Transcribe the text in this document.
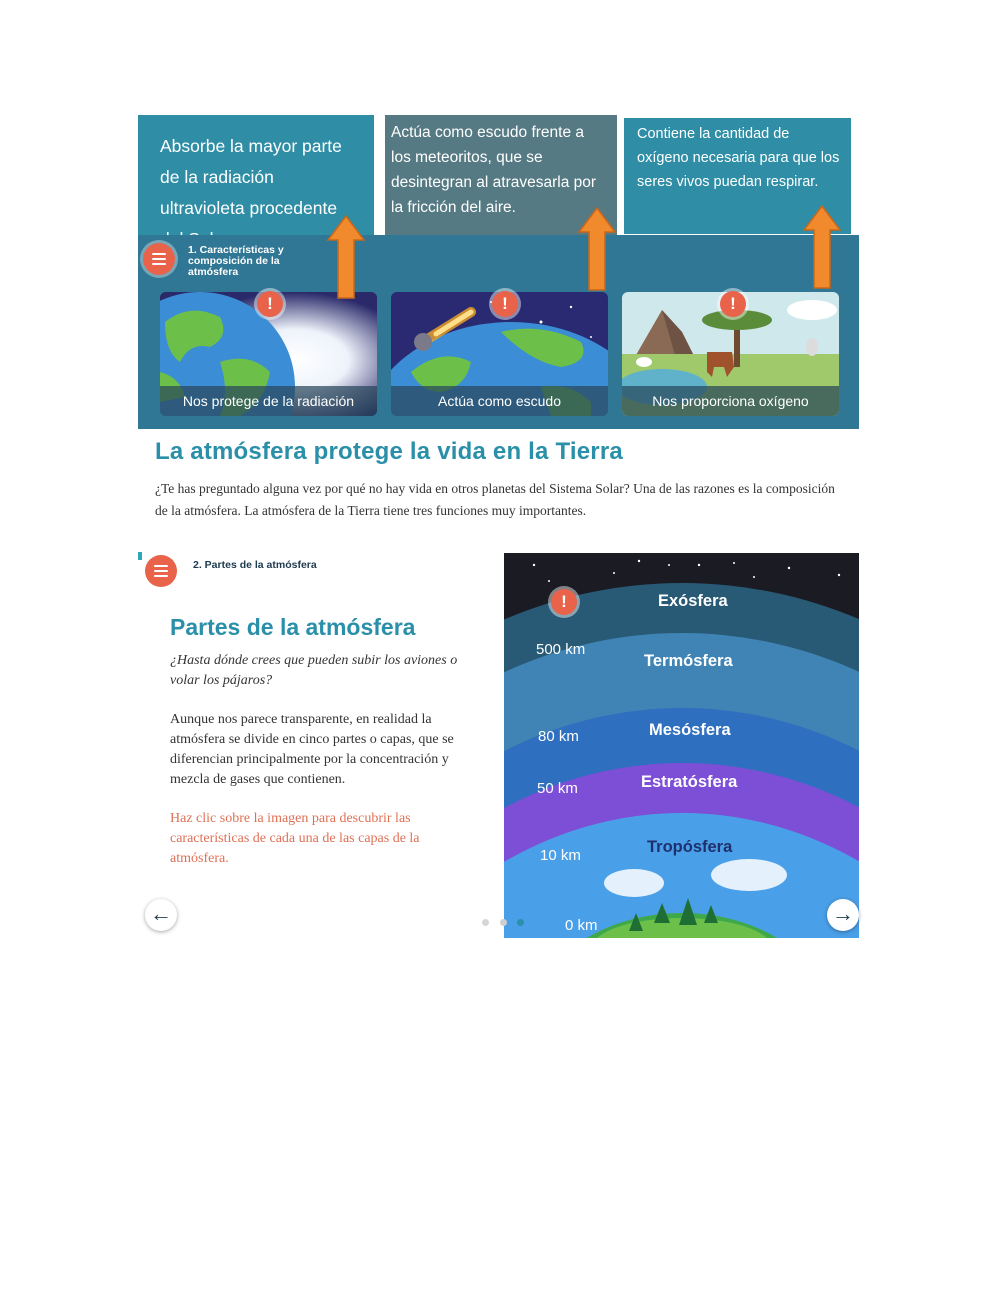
Absorbe la mayor parte de la radiación ultravioleta procedente
Actúa como escudo frente a los meteoritos, que se desintegran al atravesarla por la fricción del aire.
Contiene la cantidad de oxígeno necesaria para que los seres vivos puedan respirar.
1. Características y composición de la atmósfera
Nos protege de la radiación	Actúa como escudo	Nos proporciona oxígeno
!	!	!
La atmósfera protege la vida en la Tierra
¿Te has preguntado alguna vez por qué no hay vida en otros planetas del Sistema Solar? Una de las razones es la composición de la atmósfera. La atmósfera de la Tierra tiene tres funciones muy importantes.
2. Partes de la atmósfera
Partes de la atmósfera
¿Hasta dónde crees que pueden subir los aviones o volar los pájaros?
Aunque nos parece transparente, en realidad la atmósfera se divide en cinco partes o capas, que se diferencian principalmente por la concentración y mezcla de gases que contienen.
Haz clic sobre la imagen para descubrir las características de cada una de las capas de la atmósfera.
!	Exósfera
Termósfera
Mesósfera
Estratósfera
Tropósfera
500 km
80 km
50 km
10 km
0 km
←	→
